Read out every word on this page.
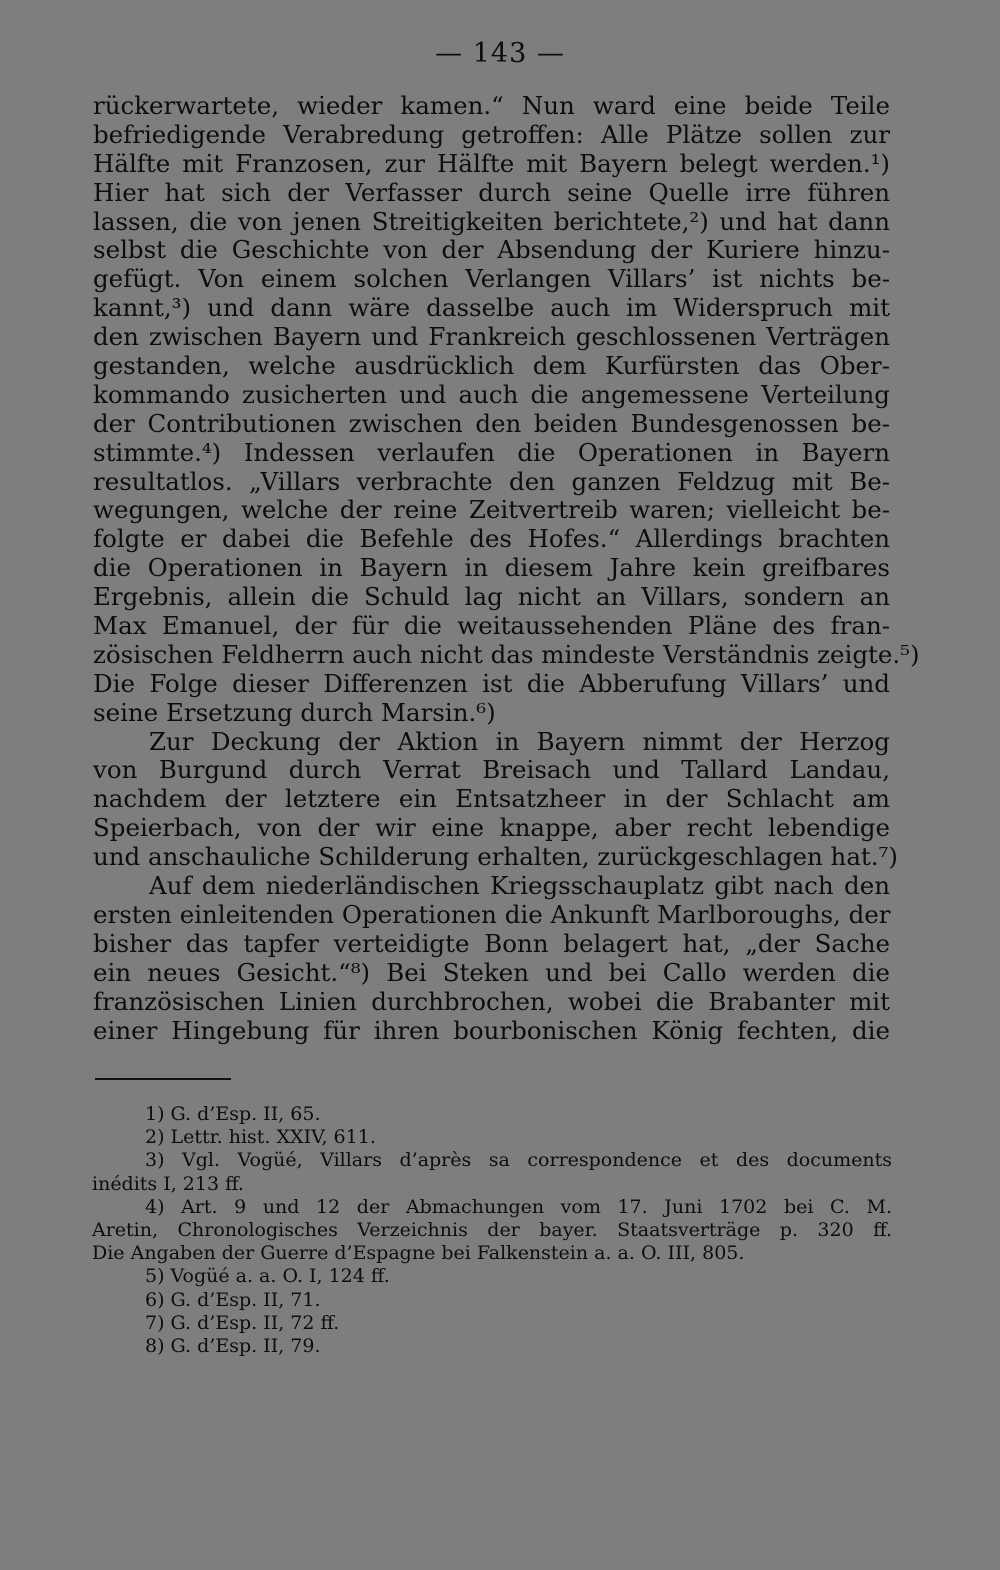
— 143 —
rückerwartete, wieder kamen.“ Nun ward eine beide Teile
befriedigende Verabredung getroffen: Alle Plätze sollen zur
Hälfte mit Franzosen, zur Hälfte mit Bayern belegt werden.¹)
Hier hat sich der Verfasser durch seine Quelle irre führen
lassen, die von jenen Streitigkeiten berichtete,²) und hat dann
selbst die Geschichte von der Absendung der Kuriere hinzu-
gefügt. Von einem solchen Verlangen Villars’ ist nichts be-
kannt,³) und dann wäre dasselbe auch im Widerspruch mit
den zwischen Bayern und Frankreich geschlossenen Verträgen
gestanden, welche ausdrücklich dem Kurfürsten das Ober-
kommando zusicherten und auch die angemessene Verteilung
der Contributionen zwischen den beiden Bundesgenossen be-
stimmte.⁴) Indessen verlaufen die Operationen in Bayern
resultatlos. „Villars verbrachte den ganzen Feldzug mit Be-
wegungen, welche der reine Zeitvertreib waren; vielleicht be-
folgte er dabei die Befehle des Hofes.“ Allerdings brachten
die Operationen in Bayern in diesem Jahre kein greifbares
Ergebnis, allein die Schuld lag nicht an Villars, sondern an
Max Emanuel, der für die weitaussehenden Pläne des fran-
zösischen Feldherrn auch nicht das mindeste Verständnis zeigte.⁵)
Die Folge dieser Differenzen ist die Abberufung Villars’ und
seine Ersetzung durch Marsin.⁶)
Zur Deckung der Aktion in Bayern nimmt der Herzog
von Burgund durch Verrat Breisach und Tallard Landau,
nachdem der letztere ein Entsatzheer in der Schlacht am
Speierbach, von der wir eine knappe, aber recht lebendige
und anschauliche Schilderung erhalten, zurückgeschlagen hat.⁷)
Auf dem niederländischen Kriegsschauplatz gibt nach den
ersten einleitenden Operationen die Ankunft Marlboroughs, der
bisher das tapfer verteidigte Bonn belagert hat, „der Sache
ein neues Gesicht.“⁸) Bei Steken und bei Callo werden die
französischen Linien durchbrochen, wobei die Brabanter mit
einer Hingebung für ihren bourbonischen König fechten, die
1) G. d’Esp. II, 65.
2) Lettr. hist. XXIV, 611.
3) Vgl. Vogüé, Villars d’après sa correspondence et des documents
inédits I, 213 ff.
4) Art. 9 und 12 der Abmachungen vom 17. Juni 1702 bei C. M.
Aretin, Chronologisches Verzeichnis der bayer. Staatsverträge p. 320 ff.
Die Angaben der Guerre d’Espagne bei Falkenstein a. a. O. III, 805.
5) Vogüé a. a. O. I, 124 ff.
6) G. d’Esp. II, 71.
7) G. d’Esp. II, 72 ff.
8) G. d’Esp. II, 79.
